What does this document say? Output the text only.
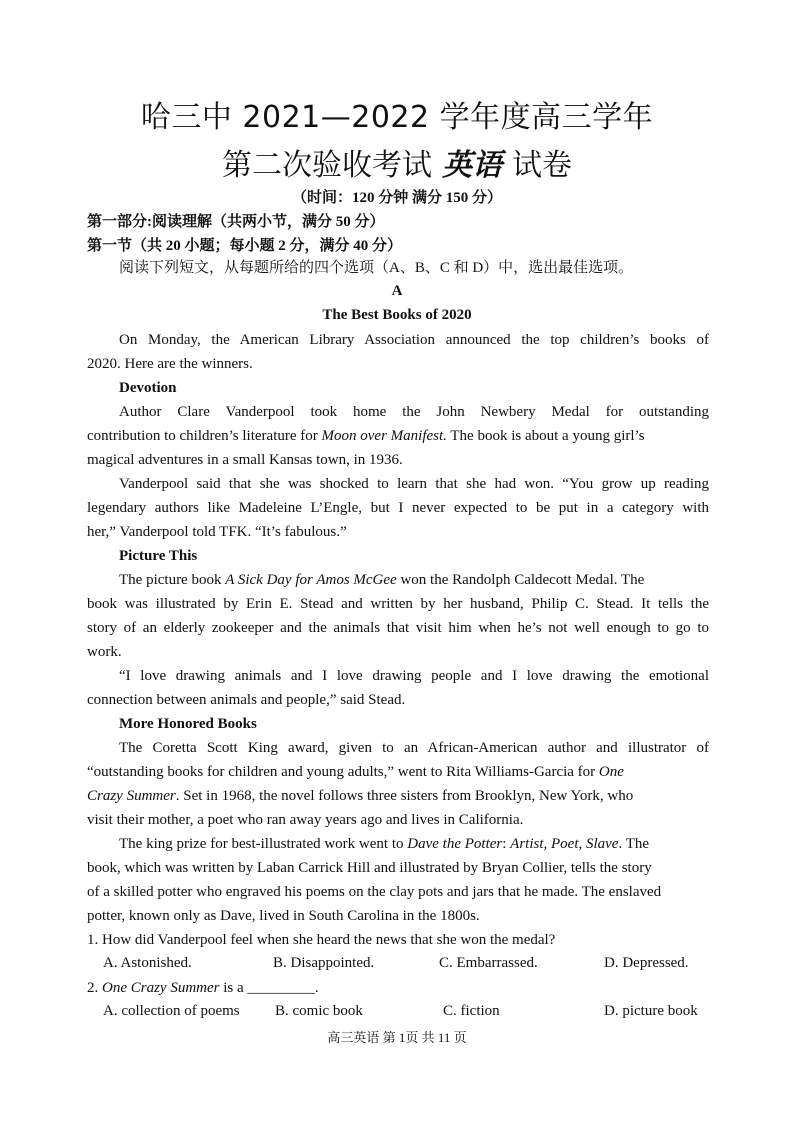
哈三中 2021—2022 学年度高三学年
第二次验收考试 英语 试卷
（时间：120 分钟 满分 150 分）
第一部分:阅读理解（共两小节，满分 50 分）
第一节（共 20 小题；每小题 2 分，满分 40 分）
阅读下列短文，从每题所给的四个选项（A、B、C 和 D）中，选出最佳选项。
A
The Best Books of 2020
On Monday, the American Library Association announced the top children’s books of
2020. Here are the winners.
Devotion
Author Clare Vanderpool took home the John Newbery Medal for outstanding
contribution to children’s literature for Moon over Manifest. The book is about a young girl’s
magical adventures in a small Kansas town, in 1936.
Vanderpool said that she was shocked to learn that she had won. “You grow up reading
legendary authors like Madeleine L’Engle, but I never expected to be put in a category with
her,” Vanderpool told TFK. “It’s fabulous.”
Picture This
The picture book A Sick Day for Amos McGee won the Randolph Caldecott Medal. The
book was illustrated by Erin E. Stead and written by her husband, Philip C. Stead. It tells the
story of an elderly zookeeper and the animals that visit him when he’s not well enough to go to
work.
“I love drawing animals and I love drawing people and I love drawing the emotional
connection between animals and people,” said Stead.
More Honored Books
The Coretta Scott King award, given to an African-American author and illustrator of
“outstanding books for children and young adults,” went to Rita Williams-Garcia for One
Crazy Summer. Set in 1968, the novel follows three sisters from Brooklyn, New York, who
visit their mother, a poet who ran away years ago and lives in California.
The king prize for best-illustrated work went to Dave the Potter: Artist, Poet, Slave. The
book, which was written by Laban Carrick Hill and illustrated by Bryan Collier, tells the story
of a skilled potter who engraved his poems on the clay pots and jars that he made. The enslaved
potter, known only as Dave, lived in South Carolina in the 1800s.
1. How did Vanderpool feel when she heard the news that she won the medal?
A. Astonished.	B. Disappointed.	C. Embarrassed.	D. Depressed.
2. One Crazy Summer is a _________.
A. collection of poems B. comic book	C. fiction	D. picture book
高三英语 第 1页 共 11 页
